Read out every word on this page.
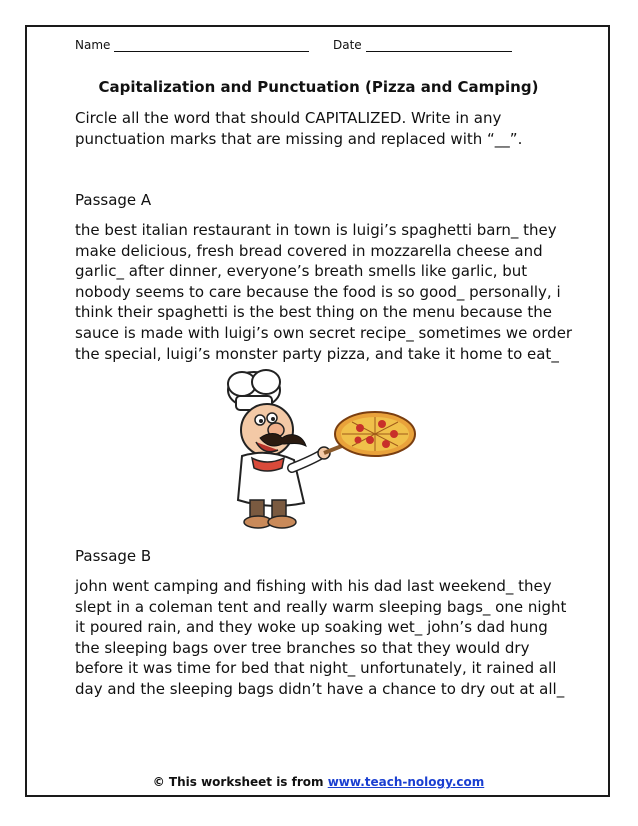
Name	Date
Capitalization and Punctuation (Pizza and Camping)
Circle all the word that should CAPITALIZED. Write in any
punctuation marks that are missing and replaced with “__”.
Passage A
the best italian restaurant in town is luigi’s spaghetti barn_ they
make delicious, fresh bread covered in mozzarella cheese and
garlic_ after dinner, everyone’s breath smells like garlic, but
nobody seems to care because the food is so good_ personally, i
think their spaghetti is the best thing on the menu because the
sauce is made with luigi’s own secret recipe_ sometimes we order
the special, luigi’s monster party pizza, and take it home to eat_
Passage B
john went camping and fishing with his dad last weekend_ they
slept in a coleman tent and really warm sleeping bags_ one night
it poured rain, and they woke up soaking wet_ john’s dad hung
the sleeping bags over tree branches so that they would dry
before it was time for bed that night_ unfortunately, it rained all
day and the sleeping bags didn’t have a chance to dry out at all_
© This worksheet is from www.teach-nology.com
